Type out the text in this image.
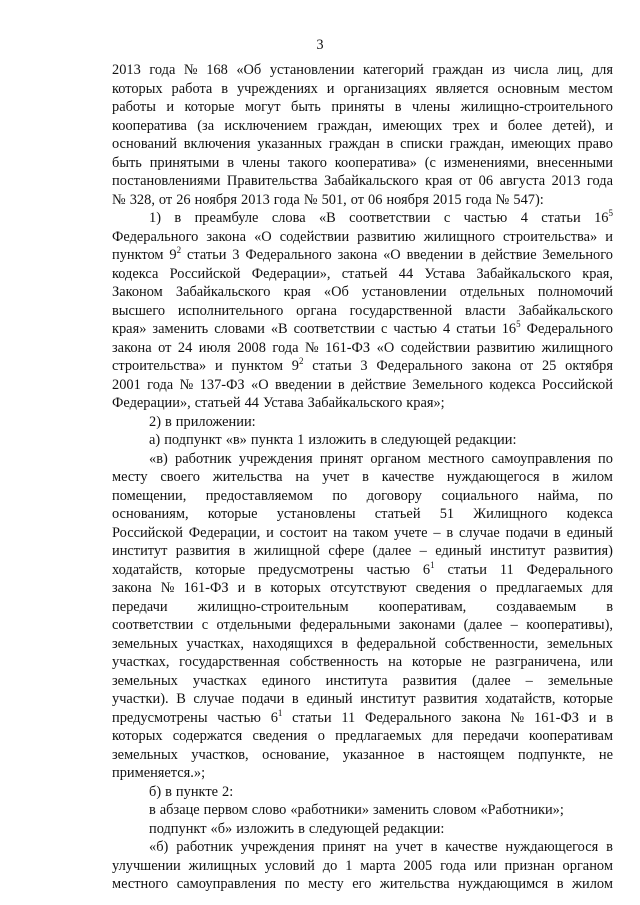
3
2013 года № 168 «Об установлении категорий граждан из числа лиц, для
которых работа в учреждениях и организациях является основным местом
работы и которые могут быть приняты в члены жилищно-строительного
кооператива (за исключением граждан, имеющих трех и более детей), и
оснований включения указанных граждан в списки граждан, имеющих право
быть принятыми в члены такого кооператива» (с изменениями, внесенными
постановлениями Правительства Забайкальского края от 06 августа 2013 года
№ 328, от 26 ноября 2013 года № 501, от 06 ноября 2015 года № 547):
1) в преамбуле слова «В соответствии с частью 4 статьи $16^5$
Федерального закона «О содействии развитию жилищного строительства» и
пунктом $9^2$ статьи 3 Федерального закона «О введении в действие Земельного
кодекса Российской Федерации», статьей 44 Устава Забайкальского края,
Законом Забайкальского края «Об установлении отдельных полномочий
высшего исполнительного органа государственной власти Забайкальского
края» заменить словами «В соответствии с частью 4 статьи $16^5$ Федерального
закона от 24 июля 2008 года № 161-ФЗ «О содействии развитию жилищного
строительства» и пунктом $9^2$ статьи 3 Федерального закона от 25 октября
2001 года № 137-ФЗ «О введении в действие Земельного кодекса Российской
Федерации», статьей 44 Устава Забайкальского края»;
2) в приложении:
а) подпункт «в» пункта 1 изложить в следующей редакции:
«в) работник учреждения принят органом местного самоуправления по
месту своего жительства на учет в качестве нуждающегося в жилом
помещении, предоставляемом по договору социального найма, по
основаниям, которые установлены статьей 51 Жилищного кодекса
Российской Федерации, и состоит на таком учете – в случае подачи в единый
институт развития в жилищной сфере (далее – единый институт развития)
ходатайств, которые предусмотрены частью $6^1$ статьи 11 Федерального
закона № 161-ФЗ и в которых отсутствуют сведения о предлагаемых для
передачи жилищно-строительным кооперативам, создаваемым в
соответствии с отдельными федеральными законами (далее – кооперативы),
земельных участках, находящихся в федеральной собственности, земельных
участках, государственная собственность на которые не разграничена, или
земельных участках единого института развития (далее – земельные
участки). В случае подачи в единый институт развития ходатайств, которые
предусмотрены частью $6^1$ статьи 11 Федерального закона № 161-ФЗ и в
которых содержатся сведения о предлагаемых для передачи кооперативам
земельных участков, основание, указанное в настоящем подпункте, не
применяется.»;
б) в пункте 2:
в абзаце первом слово «работники» заменить словом «Работники»;
подпункт «б» изложить в следующей редакции:
«б) работник учреждения принят на учет в качестве нуждающегося в
улучшении жилищных условий до 1 марта 2005 года или признан органом
местного самоуправления по месту его жительства нуждающимся в жилом
